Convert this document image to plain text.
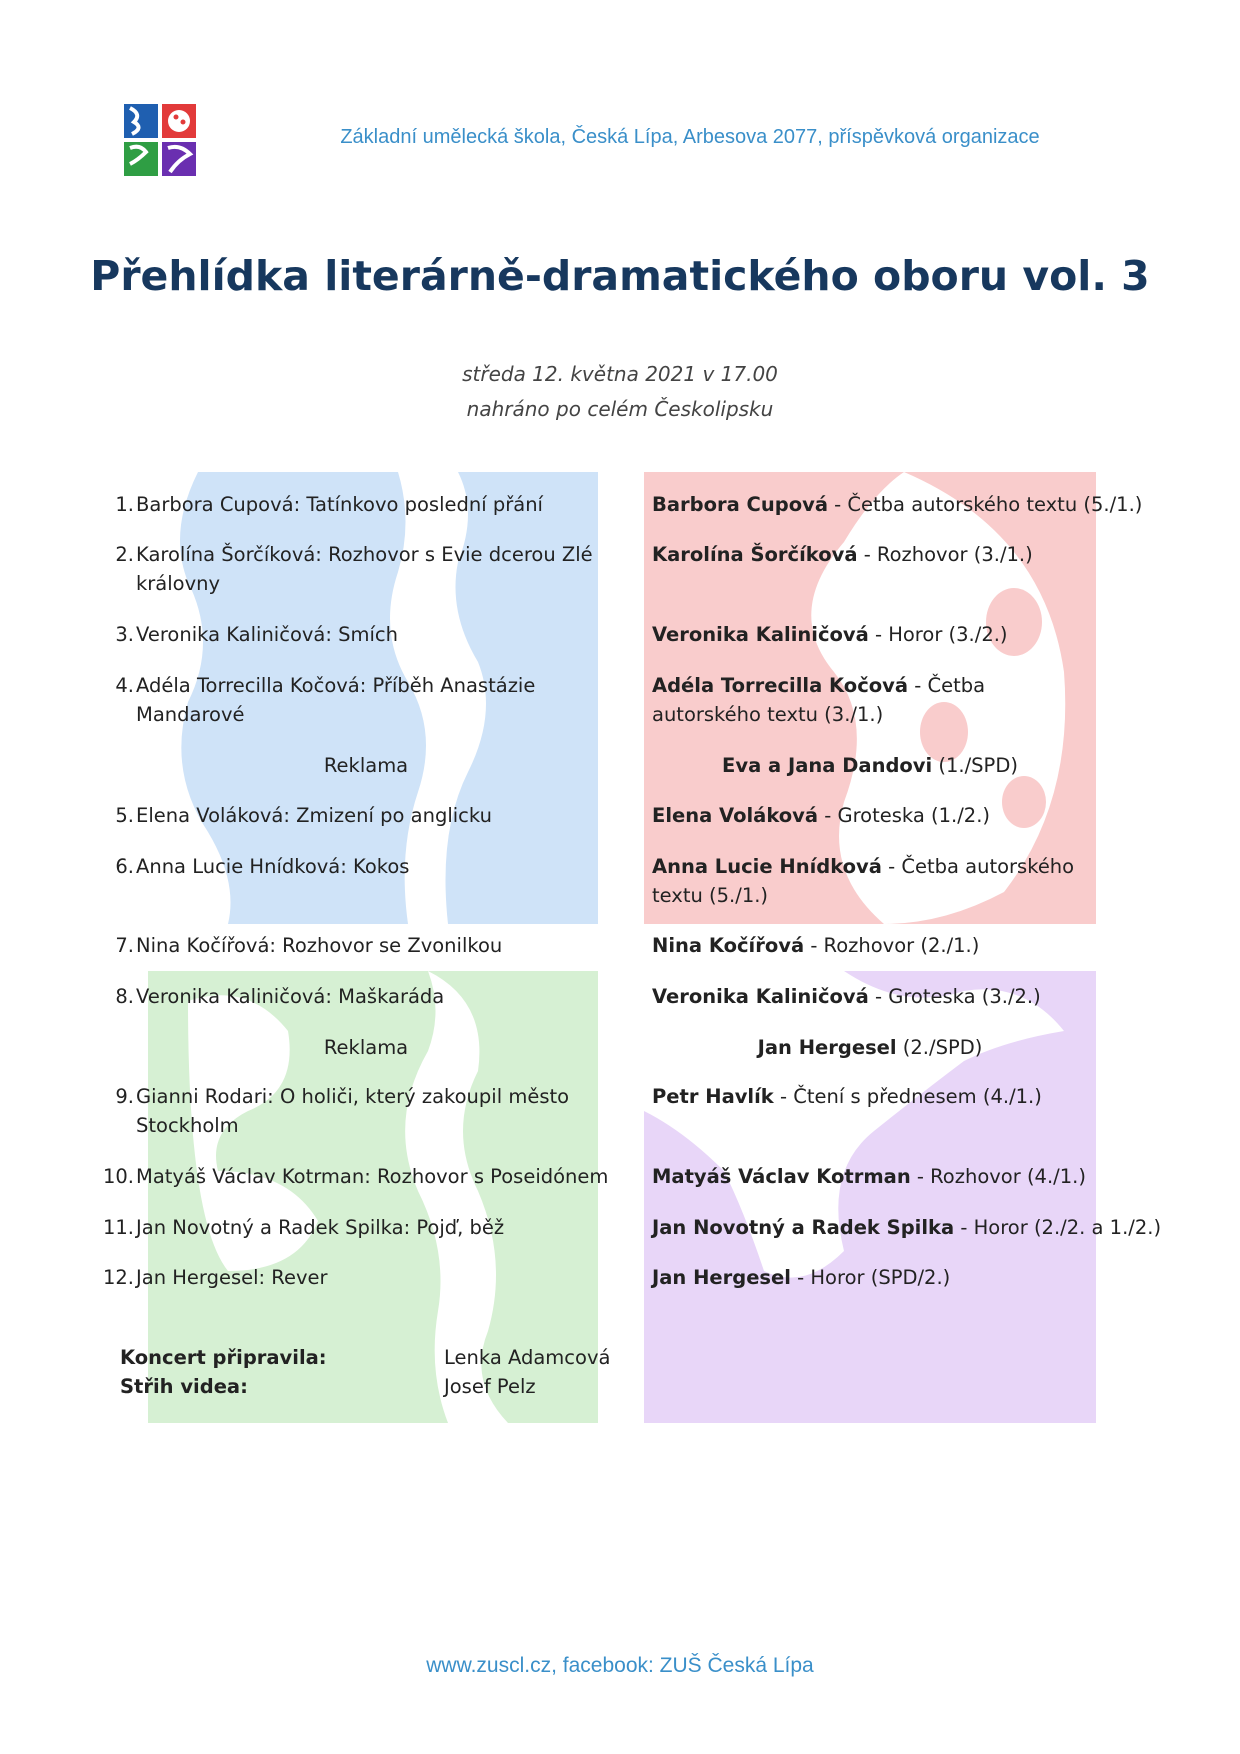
Základní umělecká škola, Česká Lípa, Arbesova 2077, příspěvková organizace
Přehlídka literárně-dramatického oboru vol. 3
středa 12. května 2021 v 17.00
nahráno po celém Českolipsku
1. Barbora Cupová: Tatínkovo poslední přání
2. Karolína Šorčíková: Rozhovor s Evie dcerou Zlé královny
3. Veronika Kaliničová: Smích
4. Adéla Torrecilla Kočová: Příběh Anastázie Mandarové
Reklama
5. Elena Voláková: Zmizení po anglicku
6. Anna Lucie Hnídková: Kokos
7. Nina Kočířová: Rozhovor se Zvonilkou
8. Veronika Kaliničová: Maškaráda
Reklama
9. Gianni Rodari: O holiči, který zakoupil město Stockholm
10. Matyáš Václav Kotrman: Rozhovor s Poseidónem
11. Jan Novotný a Radek Spilka: Pojď, běž
12. Jan Hergesel: Rever
Barbora Cupová - Četba autorského textu (5./1.)
Karolína Šorčíková - Rozhovor (3./1.)
Veronika Kaliničová - Horor (3./2.)
Adéla Torrecilla Kočová - Četba autorského textu (3./1.)
Eva a Jana Dandovi (1./SPD)
Elena Voláková - Groteska (1./2.)
Anna Lucie Hnídková - Četba autorského textu (5./1.)
Nina Kočířová - Rozhovor (2./1.)
Veronika Kaliničová - Groteska (3./2.)
Jan Hergesel (2./SPD)
Petr Havlík - Čtení s přednesem (4./1.)
Matyáš Václav Kotrman - Rozhovor (4./1.)
Jan Novotný a Radek Spilka - Horor (2./2. a 1./2.)
Jan Hergesel - Horor (SPD/2.)
Koncert připravila:	Lenka Adamcová
Střih videa:	Josef Pelz
www.zuscl.cz, facebook: ZUŠ Česká Lípa
